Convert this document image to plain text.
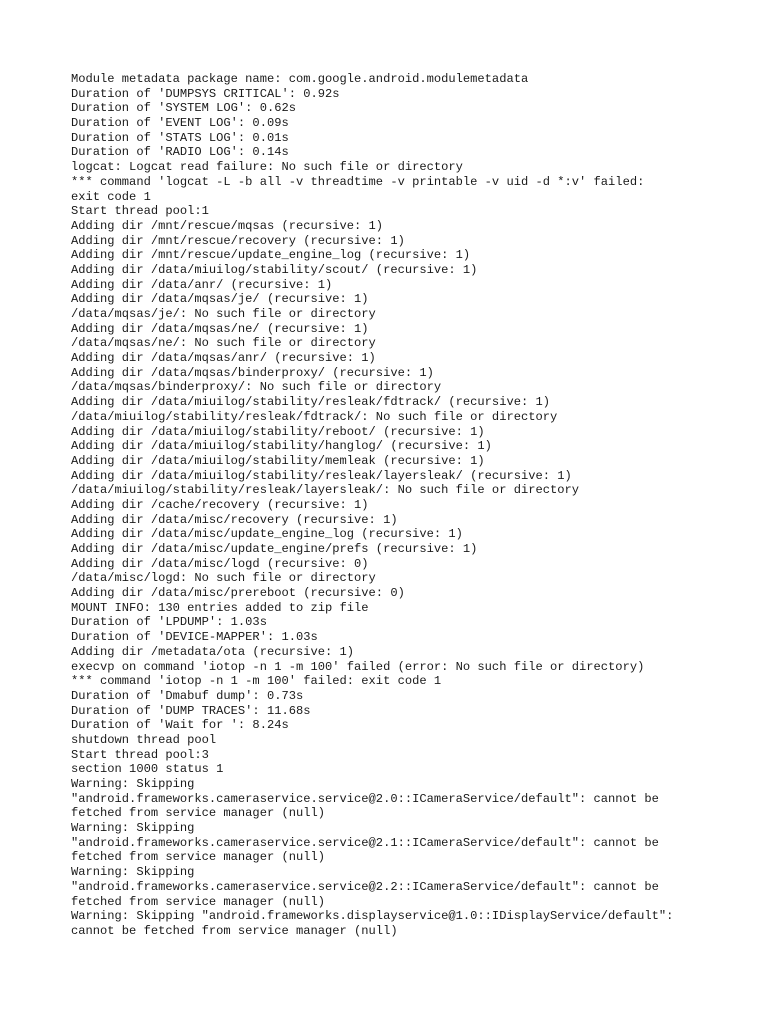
Module metadata package name: com.google.android.modulemetadata
Duration of 'DUMPSYS CRITICAL': 0.92s
Duration of 'SYSTEM LOG': 0.62s
Duration of 'EVENT LOG': 0.09s
Duration of 'STATS LOG': 0.01s
Duration of 'RADIO LOG': 0.14s
logcat: Logcat read failure: No such file or directory
*** command 'logcat -L -b all -v threadtime -v printable -v uid -d *:v' failed:
exit code 1
Start thread pool:1
Adding dir /mnt/rescue/mqsas (recursive: 1)
Adding dir /mnt/rescue/recovery (recursive: 1)
Adding dir /mnt/rescue/update_engine_log (recursive: 1)
Adding dir /data/miuilog/stability/scout/ (recursive: 1)
Adding dir /data/anr/ (recursive: 1)
Adding dir /data/mqsas/je/ (recursive: 1)
/data/mqsas/je/: No such file or directory
Adding dir /data/mqsas/ne/ (recursive: 1)
/data/mqsas/ne/: No such file or directory
Adding dir /data/mqsas/anr/ (recursive: 1)
Adding dir /data/mqsas/binderproxy/ (recursive: 1)
/data/mqsas/binderproxy/: No such file or directory
Adding dir /data/miuilog/stability/resleak/fdtrack/ (recursive: 1)
/data/miuilog/stability/resleak/fdtrack/: No such file or directory
Adding dir /data/miuilog/stability/reboot/ (recursive: 1)
Adding dir /data/miuilog/stability/hanglog/ (recursive: 1)
Adding dir /data/miuilog/stability/memleak (recursive: 1)
Adding dir /data/miuilog/stability/resleak/layersleak/ (recursive: 1)
/data/miuilog/stability/resleak/layersleak/: No such file or directory
Adding dir /cache/recovery (recursive: 1)
Adding dir /data/misc/recovery (recursive: 1)
Adding dir /data/misc/update_engine_log (recursive: 1)
Adding dir /data/misc/update_engine/prefs (recursive: 1)
Adding dir /data/misc/logd (recursive: 0)
/data/misc/logd: No such file or directory
Adding dir /data/misc/prereboot (recursive: 0)
MOUNT INFO: 130 entries added to zip file
Duration of 'LPDUMP': 1.03s
Duration of 'DEVICE-MAPPER': 1.03s
Adding dir /metadata/ota (recursive: 1)
execvp on command 'iotop -n 1 -m 100' failed (error: No such file or directory)
*** command 'iotop -n 1 -m 100' failed: exit code 1
Duration of 'Dmabuf dump': 0.73s
Duration of 'DUMP TRACES': 11.68s
Duration of 'Wait for ': 8.24s
shutdown thread pool
Start thread pool:3
section 1000 status 1
Warning: Skipping
"android.frameworks.cameraservice.service@2.0::ICameraService/default": cannot be
fetched from service manager (null)
Warning: Skipping
"android.frameworks.cameraservice.service@2.1::ICameraService/default": cannot be
fetched from service manager (null)
Warning: Skipping
"android.frameworks.cameraservice.service@2.2::ICameraService/default": cannot be
fetched from service manager (null)
Warning: Skipping "android.frameworks.displayservice@1.0::IDisplayService/default":
cannot be fetched from service manager (null)
